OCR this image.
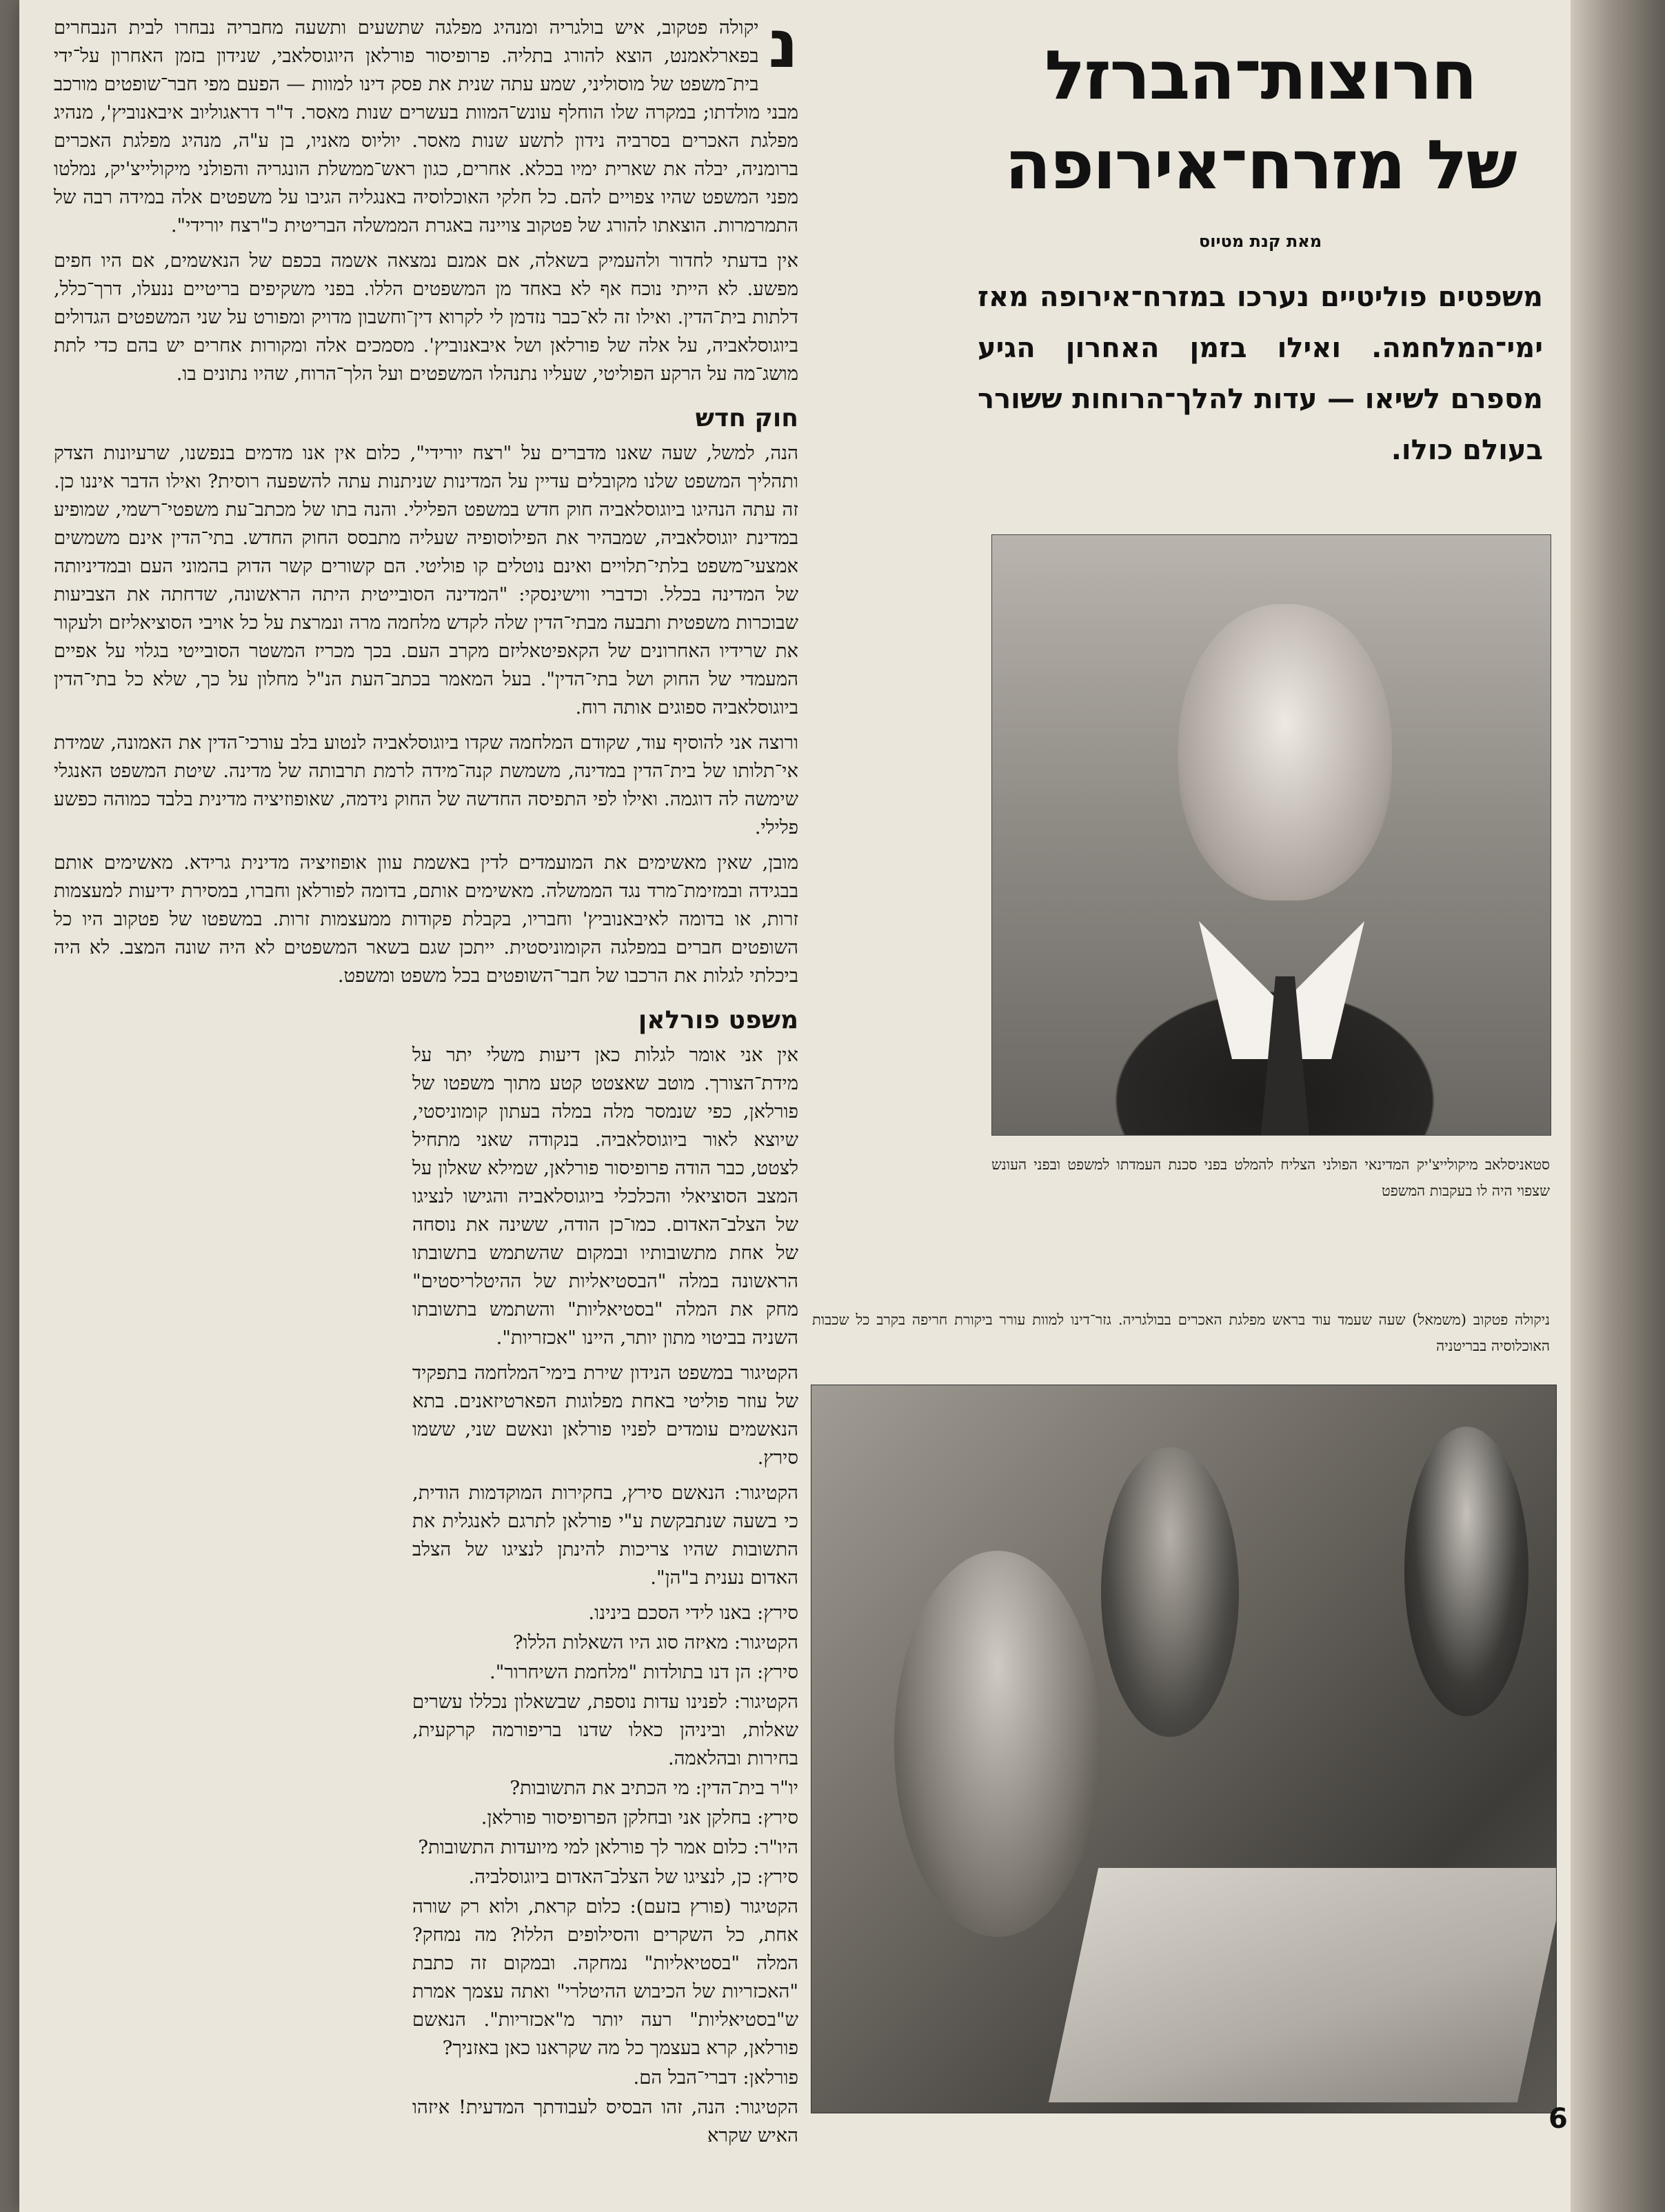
נ

יקולה פטקוב, איש בולגריה ומנהיג מפלגה שתשעים ותשעה מחבריה נבחרו לבית הנבחרים בפארלאמנט, הוצא להורג בתליה. פרופיסור פורלאן היוגוסלאבי, שנידון בזמן האחרון על־ידי בית־משפט של מוסוליני, שמע עתה שנית את פסק דינו למוות — הפעם מפי חבר־שופטים מורכב מבני מולדתו; במקרה שלו הוחלף עונש־המוות בעשרים שנות מאסר. ד"ר דראגוליוב איבאנוביץ', מנהיג מפלגת האכרים בסרביה נידון לתשע שנות מאסר. יוליוס מאניו, בן ע"ה, מנהיג מפלגת האכרים ברומניה, יבלה את שארית ימיו בכלא. אחרים, כגון ראש־ממשלת הונגריה והפולני מיקולייצ'יק, נמלטו מפני המשפט שהיו צפויים להם. כל חלקי האוכלוסיה באנגליה הגיבו על משפטים אלה במידה רבה של התמרמרות. הוצאתו להורג של פטקוב צויינה באגרת הממשלה הבריטית כ"רצח יורידי".

אין בדעתי לחדור ולהעמיק בשאלה, אם אמנם נמצאה אשמה בכפם של הנאשמים, אם היו חפים מפשע. לא הייתי נוכח אף לא באחד מן המשפטים הללו. בפני משקיפים בריטיים ננעלו, דרך־כלל, דלתות בית־הדין. ואילו זה לא־כבר נזדמן לי לקרוא דין־וחשבון מדויק ומפורט על שני המשפטים הגדולים ביוגוסלאביה, על אלה של פורלאן ושל איבאנוביץ'. מסמכים אלה ומקורות אחרים יש בהם כדי לתת מושג־מה על הרקע הפוליטי, שעליו נתנהלו המשפטים ועל הלך־הרוח, שהיו נתונים בו.

חוק חדש

הנה, למשל, שעה שאנו מדברים על "רצח יורידי", כלום אין אנו מדמים בנפשנו, שרעיונות הצדק ותהליך המשפט שלנו מקובלים עדיין על המדינות שניתנות עתה להשפעה רוסית? ואילו הדבר איננו כן. זה עתה הנהיגו ביוגוסלאביה חוק חדש במשפט הפלילי. והנה בתו של מכתב־עת משפטי־רשמי, שמופיע במדינת יוגוסלאביה, שמבהיר את הפילוסופיה שעליה מתבסס החוק החדש. בתי־הדין אינם משמשים אמצעי־משפט בלתי־תלויים ואינם נוטלים קו פוליטי. הם קשורים קשר הדוק בהמוני העם ובמדיניותה של המדינה בכלל. וכדברי ווישינסקי: "המדינה הסובייטית היתה הראשונה, שדחתה את הצביעות שבוכרות משפטית ותבעה מבתי־הדין שלה לקדש מלחמה מרה ונמרצת על כל אויבי הסוציאליזם ולעקור את שרידיו האחרונים של הקאפיטאליזם מקרב העם. בכך מכריז המשטר הסובייטי בגלוי על אפיים המעמדי של החוק ושל בתי־הדין". בעל המאמר בכתב־העת הנ"ל מחלון על כך, שלא כל בתי־הדין ביוגוסלאביה ספוגים אותה רוח.

ורוצה אני להוסיף עוד, שקודם המלחמה שקדו ביוגוסלאביה לנטוע בלב עורכי־הדין את האמונה, שמידת אי־תלותו של בית־הדין במדינה, משמשת קנה־מידה לרמת תרבותה של מדינה. שיטת המשפט האנגלי שימשה לה דוגמה. ואילו לפי התפיסה החדשה של החוק נידמה, שאופוזיציה מדינית בלבד כמוהה כפשע פלילי.

מובן, שאין מאשימים את המועמדים לדין באשמת עוון אופוזיציה מדינית גרידא. מאשימים אותם בבגידה ובמזימת־מרד נגד הממשלה. מאשימים אותם, בדומה לפורלאן וחברו, במסירת ידיעות למעצמות זרות, או בדומה לאיבאנוביץ' וחבריו, בקבלת פקודות ממעצמות זרות. במשפטו של פטקוב היו כל השופטים חברים במפלגה הקומוניסטית. ייתכן שגם בשאר המשפטים לא היה שונה המצב. לא היה ביכלתי לגלות את הרכבו של חבר־השופטים בכל משפט ומשפט.

משפט פורלאן

אין אני אומר לגלות כאן דיעות משלי יתר על מידת־הצורך. מוטב שאצטט קטע מתוך משפטו של פורלאן, כפי שנמסר מלה במלה בעתון קומוניסטי, שיוצא לאור ביוגוסלאביה. בנקודה שאני מתחיל לצטט, כבר הודה פרופיסור פורלאן, שמילא שאלון על המצב הסוציאלי והכלכלי ביוגוסלאביה והגישו לנציגו של הצלב־האדום. כמו־כן הודה, ששינה את נוסחה של אחת מתשובותיו ובמקום שהשתמש בתשובתו הראשונה במלה "הבסטיאליות של ההיטלריסטים" מחק את המלה "בסטיאליות" והשתמש בתשובתו השניה בביטוי מתון יותר, היינו "אכזריות".

הקטיגור במשפט הנידון שירת בימי־המלחמה בתפקיד של עוזר פוליטי באחת מפלוגות הפארטיזאנים. בתא הנאשמים עומדים לפניו פורלאן ונאשם שני, ששמו סירץ.

הקטיגור: הנאשם סירץ, בחקירות המוקדמות הודית, כי בשעה שנתבקשת ע"י פורלאן לתרגם לאנגלית את התשובות שהיו צריכות להינתן לנציגו של הצלב האדום נענית ב"הן".

סירץ: באנו לידי הסכם בינינו.

הקטיגור: מאיזה סוג היו השאלות הללו?

סירץ: הן דנו בתולדות "מלחמת השיחרור".

הקטיגור: לפנינו עדות נוספת, שבשאלון נכללו עשרים שאלות, וביניהן כאלו שדנו בריפורמה קרקעית, בחירות ובהלאמה.

יו"ר בית־הדין: מי הכתיב את התשובות?

סירץ: בחלקן אני ובחלקן הפרופיסור פורלאן.

היו"ר: כלום אמר לך פורלאן למי מיועדות התשובות?

סירץ: כן, לנציגו של הצלב־האדום ביוגוסלביה.

הקטיגור (פורץ בזעם): כלום קראת, ולוא רק שורה אחת, כל השקרים והסילופים הללו? מה נמחק? המלה "בסטיאליות" נמחקה. ובמקום זה כתבת "האכזריות של הכיבוש ההיטלרי" ואתה עצמך אמרת ש"בסטיאליות" רעה יותר מ"אכזריות". הנאשם פורלאן, קרא בעצמך כל מה שקראנו כאן באזניך?

פורלאן: דברי־הבל הם.

הקטיגור: הנה, זהו הבסיס לעבודתך המדעית! איזהו האיש שקרא

חרוצות־הברזל
של מזרח־אירופה
מאת קנת מטיוס
משפטים פוליטיים נערכו במזרח־אירופה מאז ימי־המלחמה. ואילו בזמן האחרון הגיע מספרם לשיאו — עדות להלך־הרוחות ששורר בעולם כולו.
סטאניסלאב מיקולייצ'יק המדינאי הפולני הצליח להמלט בפני סכנת העמדתו למשפט ובפני העונש שצפוי היה לו בעקבות המשפט
ניקולה פטקוב (משמאל) שעה שעמד עוד בראש מפלגת האכרים בבולגריה. גזר־דינו למוות עורר ביקורת חריפה בקרב כל שכבות האוכלוסיה בבריטניה
6
